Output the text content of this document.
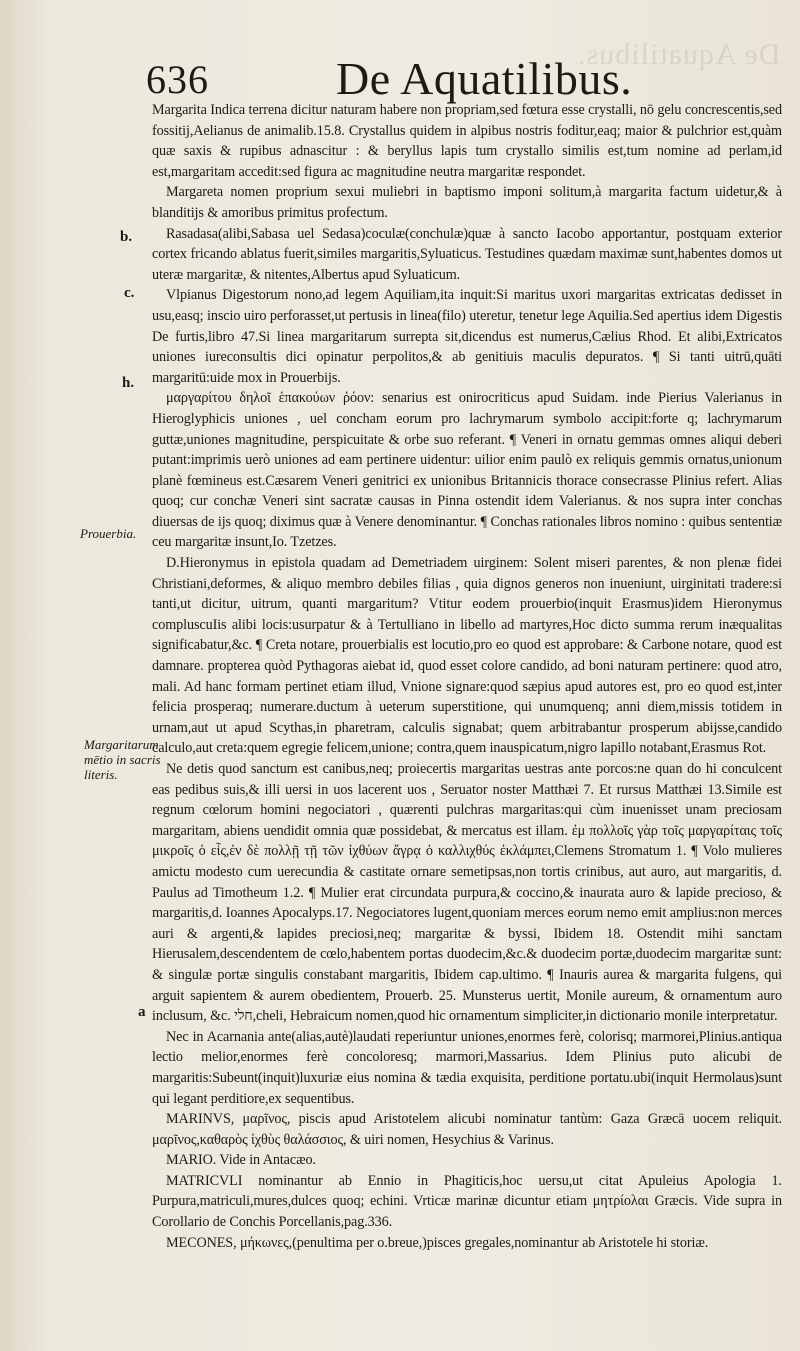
De Aquatilibus.
636	De Aquatilibus.
b.
c.
h.
Prouerbia.
Margaritarum
mētio in sacris
literis.
a

Margarita Indica terrena dicitur naturam habere non propriam,sed fœtura esse crystalli, nō gelu concrescentis,sed fossitij,Aelianus de animalib.15.8. Crystallus quidem in alpibus nostris foditur,eaq; maior & pulchrior est,quàm quæ saxis & rupibus adnascitur : & beryllus lapis tum crystallo similis est,tum nomine ad perlam,id est,margaritam accedit:sed figura ac magnitudine neutra margaritæ respondet.

Margareta nomen proprium sexui muliebri in baptismo imponi solitum,à margarita factum uidetur,& à blanditijs & amoribus primitus profectum.

Rasadasa(alibi,Sabasa uel Sedasa)coculæ(conchulæ)quæ à sancto Iacobo apportantur, postquam exterior cortex fricando ablatus fuerit,similes margaritis,Syluaticus. Testudines quædam maximæ sunt,habentes domos ut uteræ margaritæ, & nitentes,Albertus apud Syluaticum.

Vlpianus Digestorum nono,ad legem Aquiliam,ita inquit:Si maritus uxori margaritas extricatas dedisset in usu,easq; inscio uiro perforasset,ut pertusis in linea(filo) uteretur, tenetur lege Aquilia.Sed apertius idem Digestis De furtis,libro 47.Si linea margaritarum surrepta sit,dicendus est numerus,Cælius Rhod. Et alibi,Extricatos uniones iureconsultis dici opinatur perpolitos,& ab genitiuis maculis depuratos. ¶ Si tanti uitrū,quāti margaritū:uide mox in Prouerbijs.

μαργαρίτου δηλοῖ ἑπακούων ῥόον: senarius est onirocriticus apud Suidam. inde Pierius Valerianus in Hieroglyphicis uniones , uel concham eorum pro lachrymarum symbolo accipit:forte q; lachrymarum guttæ,uniones magnitudine, perspicuitate & orbe suo referant. ¶ Veneri in ornatu gemmas omnes aliqui deberi putant:imprimis uerò uniones ad eam pertinere uidentur: uilior enim paulò ex reliquis gemmis ornatus,unionum planè fœmineus est.Cæsarem Veneri genitrici ex unionibus Britannicis thorace consecrasse Plinius refert. Alias quoq; cur conchæ Veneri sint sacratæ causas in Pinna ostendit idem Valerianus. & nos supra inter conchas diuersas de ijs quoq; diximus quæ à Venere denominantur. ¶ Conchas rationales libros nomino : quibus sententiæ ceu margaritæ insunt,Io. Tzetzes.

D.Hieronymus in epistola quadam ad Demetriadem uirginem: Solent miseri parentes, & non plenæ fidei Christiani,deformes, & aliquo membro debiles filias , quia dignos generos non inueniunt, uirginitati tradere:si tanti,ut dicitur, uitrum, quanti margaritum? Vtitur eodem prouerbio(inquit Erasmus)idem Hieronymus compluscuIis alibi locis:usurpatur & à Tertulliano in libello ad martyres,Hoc dicto summa rerum inæqualitas significabatur,&c. ¶ Creta notare, prouerbialis est locutio,pro eo quod est approbare: & Carbone notare, quod est damnare. propterea quòd Pythagoras aiebat id, quod esset colore candido, ad boni naturam pertinere: quod atro, mali. Ad hanc formam pertinet etiam illud, Vnione signare:quod sæpius apud autores est, pro eo quod est,inter felicia prosperaq; numerare.ductum à ueterum superstitione, qui unumquenq; anni diem,missis totidem in urnam,aut ut apud Scythas,in pharetram, calculis signabat; quem arbitrabantur prosperum abijsse,candido calculo,aut creta:quem egregie felicem,unione; contra,quem inauspicatum,nigro lapillo notabant,Erasmus Rot.

Ne detis quod sanctum est canibus,neq; proiecertis margaritas uestras ante porcos:ne quan do hi conculcent eas pedibus suis,& illi uersi in uos lacerent uos , Seruator noster Matthæi 7. Et rursus Matthæi 13.Simile est regnum cœlorum homini negociatori , quærenti pulchras margaritas:qui cùm inuenisset unam preciosam margaritam, abiens uendidit omnia quæ possidebat, & mercatus est illam. ἐμ πολλοῖς γὰρ τοῖς μαργαρίταις τοῖς μικροῖς ὁ εἷς,ἐν δὲ πολλῇ τῇ τῶν ἰχθύων ἄγρᾳ ὁ καλλιχθύς ἐκλάμπει,Clemens Stromatum 1. ¶ Volo mulieres amictu modesto cum uerecundia & castitate ornare semetipsas,non tortis crinibus, aut auro, aut margaritis, d. Paulus ad Timotheum 1.2. ¶ Mulier erat circundata purpura,& coccino,& inaurata auro & lapide precioso, & margaritis,d. Ioannes Apocalyps.17. Negociatores lugent,quoniam merces eorum nemo emit amplius:non merces auri & argenti,& lapides preciosi,neq; margaritæ & byssi, Ibidem 18. Ostendit mihi sanctam Hierusalem,descendentem de cœlo,habentem portas duodecim,&c.& duodecim portæ,duodecim margaritæ sunt: & singulæ portæ singulis constabant margaritis, Ibidem cap.ultimo. ¶ Inauris aurea & margarita fulgens, qui arguit sapientem & aurem obedientem, Prouerb. 25. Munsterus uertit, Monile aureum, & ornamentum auro inclusum, &c. חלי,cheli, Hebraicum nomen,quod hic ornamentum simpliciter,in dictionario monile interpretatur.

Nec in Acarnania ante(alias,autè)laudati reperiuntur uniones,enormes ferè, colorisq; marmorei,Plinius.antiqua lectio melior,enormes ferè concoloresq; marmori,Massarius. Idem Plinius puto alicubi de margaritis:Subeunt(inquit)luxuriæ eius nomina & tædia exquisita, perditione portatu.ubi(inquit Hermolaus)sunt qui legant perditiore,ex sequentibus.

MARINVS, μαρῖνος, piscis apud Aristotelem alicubi nominatur tantùm: Gaza Græcā uocem reliquit. μαρῖνος,καθαρὸς ἰχθὺς θαλάσσιος, & uiri nomen, Hesychius & Varinus.

MARIO. Vide in Antacæo.

MATRICVLI nominantur ab Ennio in Phagiticis,hoc uersu,ut citat Apuleius Apologia 1. Purpura,matriculi,mures,dulces quoq; echini. Vrticæ marinæ dicuntur etiam μητρίολαι Græcis. Vide supra in Corollario de Conchis Porcellanis,pag.336.

MECONES, μήκωνες,(penultima per o.breue,)pisces gregales,nominantur ab Aristotele hi storiæ.
